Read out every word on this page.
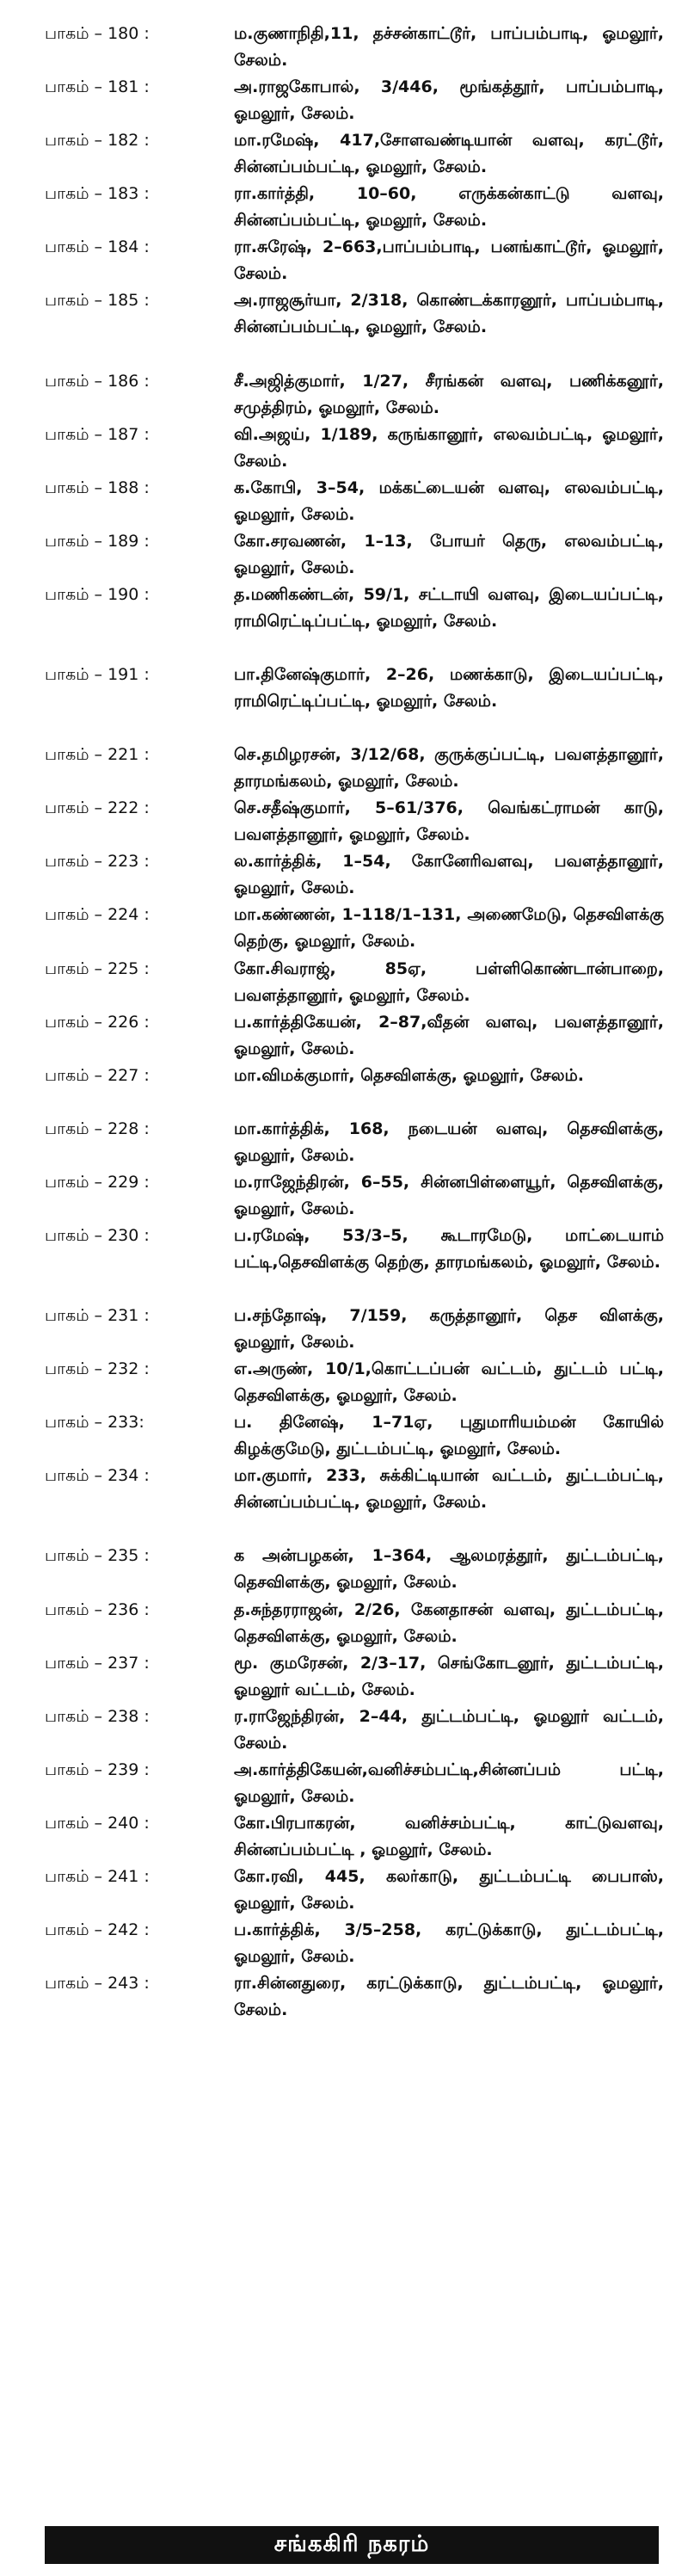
பாகம் – 180 :	ம.குணாநிதி,11, தச்சன்காட்டூர், பாப்பம்பாடி, ஓமலூர், சேலம்.
பாகம் – 181 :	அ.ராஜகோபால், 3/446, மூங்கத்தூர், பாப்பம்பாடி, ஓமலூர், சேலம்.
பாகம் – 182 :	மா.ரமேஷ், 417,சோளவண்டியான் வளவு, கரட்டூர், சின்னப்பம்பட்டி, ஓமலூர், சேலம்.
பாகம் – 183 :	ரா.கார்த்தி, 10–60, எருக்கன்காட்டு வளவு, சின்னப்பம்பட்டி, ஓமலூர், சேலம்.
பாகம் – 184 :	ரா.சுரேஷ், 2–663,பாப்பம்பாடி, பனங்காட்டூர், ஓமலூர், சேலம்.
பாகம் – 185 :	அ.ராஜசூர்யா, 2/318, கொண்டக்காரனூர், பாப்பம்பாடி, சின்னப்பம்பட்டி, ஓமலூர், சேலம்.
பாகம் – 186 :	சீ.அஜித்குமார், 1/27, சீரங்கன் வளவு, பணிக்கனூர், சமுத்திரம், ஓமலூர், சேலம்.
பாகம் – 187 :	வி.அஜய், 1/189, கருங்கானூர், எலவம்பட்டி, ஓமலூர், சேலம்.
பாகம் – 188 :	க.கோபி, 3–54, மக்கட்டையன் வளவு, எலவம்பட்டி, ஓமலூர், சேலம்.
பாகம் – 189 :	கோ.சரவணன், 1–13, போயர் தெரு, எலவம்பட்டி, ஓமலூர், சேலம்.
பாகம் – 190 :	த.மணிகண்டன், 59/1, சட்டாயி வளவு, இடையப்பட்டி, ராமிரெட்டிப்பட்டி, ஓமலூர், சேலம்.
பாகம் – 191 :	பா.தினேஷ்குமார், 2–26, மணக்காடு, இடையப்பட்டி, ராமிரெட்டிப்பட்டி, ஓமலூர், சேலம்.
பாகம் – 221 :	செ.தமிழரசன், 3/12/68, குருக்குப்பட்டி, பவளத்தானூர், தாரமங்கலம், ஓமலூர், சேலம்.
பாகம் – 222 :	செ.சதீஷ்குமார், 5–61/376, வெங்கட்ராமன் காடு, பவளத்தானூர், ஓமலூர், சேலம்.
பாகம் – 223 :	ல.கார்த்திக், 1–54, கோனேரிவளவு, பவளத்தானூர், ஓமலூர், சேலம்.
பாகம் – 224 :	மா.கண்ணன், 1–118/1–131, அணைமேடு, தெசவிளக்கு தெற்கு, ஓமலூர், சேலம்.
பாகம் – 225 :	கோ.சிவராஜ், 85ஏ, பள்ளிகொண்டான்பாறை, பவளத்தானூர், ஓமலூர், சேலம்.
பாகம் – 226 :	ப.கார்த்திகேயன், 2–87,வீதன் வளவு, பவளத்தானூர், ஓமலூர், சேலம்.
பாகம் – 227 :	மா.விமக்குமார், தெசவிளக்கு, ஓமலூர், சேலம்.
பாகம் – 228 :	மா.கார்த்திக், 168, நடையன் வளவு, தெசவிளக்கு, ஓமலூர், சேலம்.
பாகம் – 229 :	ம.ராஜேந்திரன், 6–55, சின்னபிள்ளையூர், தெசவிளக்கு, ஓமலூர், சேலம்.
பாகம் – 230 :	ப.ரமேஷ், 53/3–5, கூடாரமேடு, மாட்டையாம் பட்டி,தெசவிளக்கு தெற்கு, தாரமங்கலம், ஓமலூர், சேலம்.
பாகம் – 231 :	ப.சந்தோஷ், 7/159, கருத்தானூர், தெச விளக்கு, ஓமலூர், சேலம்.
பாகம் – 232 :	எ.அருண், 10/1,கொட்டப்பன் வட்டம், துட்டம் பட்டி, தெசவிளக்கு, ஓமலூர், சேலம்.
பாகம் – 233:	ப. தினேஷ், 1–71ஏ, புதுமாரியம்மன் கோயில் கிழக்குமேடு, துட்டம்பட்டி, ஓமலூர், சேலம்.
பாகம் – 234 :	மா.குமார், 233, சுக்கிட்டியான் வட்டம், துட்டம்பட்டி, சின்னப்பம்பட்டி, ஓமலூர், சேலம்.
பாகம் – 235 :	க அன்பழகன், 1–364, ஆலமரத்தூர், துட்டம்பட்டி, தெசவிளக்கு, ஓமலூர், சேலம்.
பாகம் – 236 :	த.சுந்தரராஜன், 2/26, கேனதாசன் வளவு, துட்டம்பட்டி, தெசவிளக்கு, ஓமலூர், சேலம்.
பாகம் – 237 :	மூ. குமரேசன், 2/3–17, செங்கோடனூர், துட்டம்பட்டி, ஓமலூர் வட்டம், சேலம்.
பாகம் – 238 :	ர.ராஜேந்திரன், 2–44, துட்டம்பட்டி, ஓமலூர் வட்டம், சேலம்.
பாகம் – 239 :	அ.கார்த்திகேயன்,வனிச்சம்பட்டி,சின்னப்பம் பட்டி, ஓமலூர், சேலம்.
பாகம் – 240 :	கோ.பிரபாகரன், வனிச்சம்பட்டி, காட்டுவளவு, சின்னப்பம்பட்டி , ஓமலூர், சேலம்.
பாகம் – 241 :	கோ.ரவி, 445, கலர்காடு, துட்டம்பட்டி பைபாஸ், ஓமலூர், சேலம்.
பாகம் – 242 :	ப.கார்த்திக், 3/5–258, கரட்டுக்காடு, துட்டம்பட்டி, ஓமலூர், சேலம்.
பாகம் – 243 :	ரா.சின்னதுரை, கரட்டுக்காடு, துட்டம்பட்டி, ஓமலூர், சேலம்.
சங்ககிரி நகரம்
